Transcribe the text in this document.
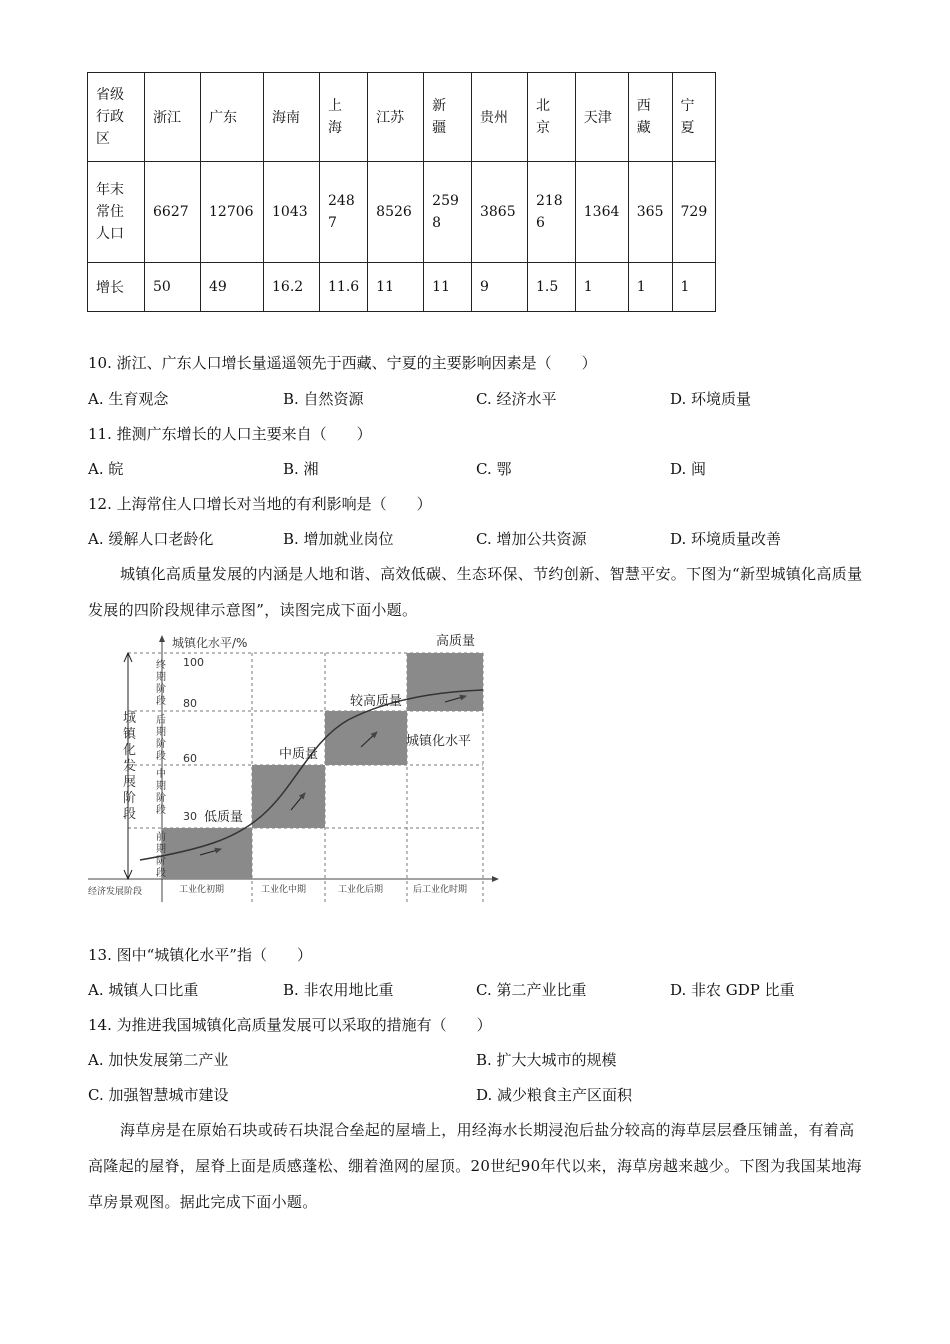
省级行政区	浙江	广东	海南	上海	江苏	新疆	贵州	北京	天津	西藏	宁夏
年末常住人口	6627	12706	1043	2487	8526	2598	3865	2186	1364	365	729
增长	50	49	16.2	11.6	11	11	9	1.5	1	1	1
10. 浙江、广东人口增长量遥遥领先于西藏、宁夏的主要影响因素是（　　）
A. 生育观念	B. 自然资源	C. 经济水平	D. 环境质量
11. 推测广东增长的人口主要来自（　　）
A. 皖	B. 湘	C. 鄂	D. 闽
12. 上海常住人口增长对当地的有利影响是（　　）
A. 缓解人口老龄化	B. 增加就业岗位	C. 增加公共资源	D. 环境质量改善
城镇化高质量发展的内涵是人地和谐、高效低碳、生态环保、节约创新、智慧平安。下图为“新型城镇化高质量发展的四阶段规律示意图”，读图完成下面小题。
城镇化水平/%
100
80
60
30 低质量
中质量
较高质量
高质量
城镇化水平
经济发展阶段	工业化初期	工业化中期	工业化后期	后工业化时期
城镇化发展阶段
终期阶段
后期阶段
中期阶段
前期阶段
13. 图中“城镇化水平”指（　　）
A. 城镇人口比重	B. 非农用地比重	C. 第二产业比重	D. 非农 GDP 比重
14. 为推进我国城镇化高质量发展可以采取的措施有（　　）
A. 加快发展第二产业	B. 扩大大城市的规模
C. 加强智慧城市建设	D. 减少粮食主产区面积
海草房是在原始石块或砖石块混合垒起的屋墙上，用经海水长期浸泡后盐分较高的海草层层叠压铺盖，有着高高隆起的屋脊，屋脊上面是质感蓬松、绷着渔网的屋顶。20世纪90年代以来，海草房越来越少。下图为我国某地海草房景观图。据此完成下面小题。
